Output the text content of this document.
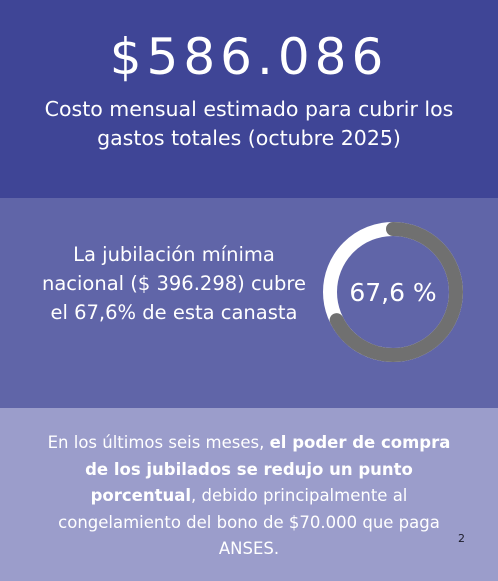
$586.086
Costo mensual estimado para cubrir los gastos totales (octubre 2025)
La jubilación mínima nacional ($ 396.298) cubre el 67,6% de esta canasta
67,6 %
En los últimos seis meses, el poder de compra de los jubilados se redujo un punto porcentual, debido principalmente al congelamiento del bono de $70.000 que paga ANSES.
2
